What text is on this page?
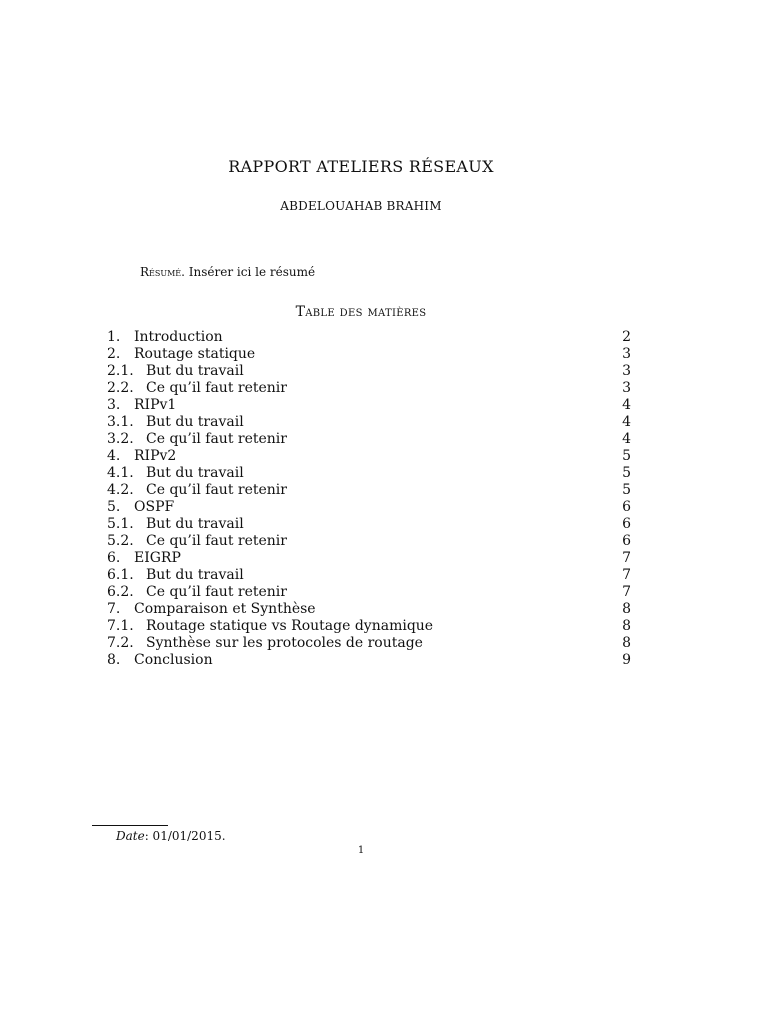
RAPPORT ATELIERS RÉSEAUX
ABDELOUAHAB BRAHIM
Résumé. Insérer ici le résumé
Table des matières
1. Introduction	2
2. Routage statique	3
2.1. But du travail	3
2.2. Ce qu’il faut retenir	3
3. RIPv1	4
3.1. But du travail	4
3.2. Ce qu’il faut retenir	4
4. RIPv2	5
4.1. But du travail	5
4.2. Ce qu’il faut retenir	5
5. OSPF	6
5.1. But du travail	6
5.2. Ce qu’il faut retenir	6
6. EIGRP	7
6.1. But du travail	7
6.2. Ce qu’il faut retenir	7
7. Comparaison et Synthèse	8
7.1. Routage statique vs Routage dynamique	8
7.2. Synthèse sur les protocoles de routage	8
8. Conclusion	9
Date: 01/01/2015.
1
